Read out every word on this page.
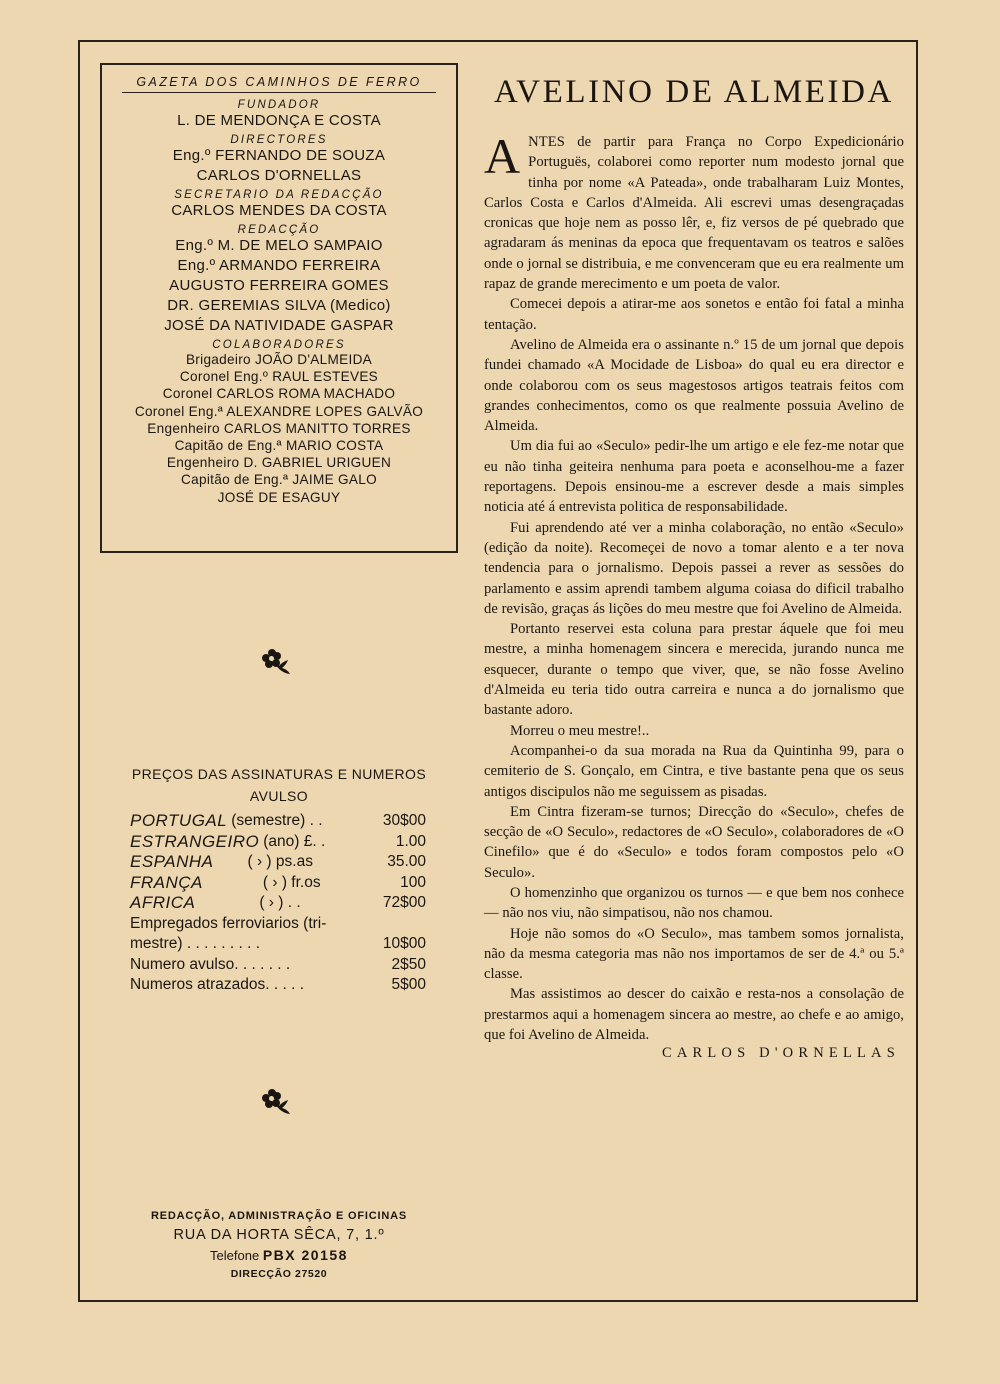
GAZETA DOS CAMINHOS DE FERRO
FUNDADOR
L. DE MENDONÇA E COSTA
DIRECTORES
Eng.º FERNANDO DE SOUZA
CARLOS D'ORNELLAS
SECRETARIO DA REDACÇÃO
CARLOS MENDES DA COSTA
REDACÇÃO
Eng.º M. DE MELO SAMPAIO
Eng.º ARMANDO FERREIRA
AUGUSTO FERREIRA GOMES
DR. GEREMIAS SILVA (Medico)
JOSÉ DA NATIVIDADE GASPAR
COLABORADORES
Brigadeiro JOÃO D'ALMEIDA
Coronel Eng.º RAUL ESTEVES
Coronel CARLOS ROMA MACHADO
Coronel Eng.ª ALEXANDRE LOPES GALVÃO
Engenheiro CARLOS MANITTO TORRES
Capitão de Eng.ª MARIO COSTA
Engenheiro D. GABRIEL URIGUEN
Capitão de Eng.ª JAIME GALO
JOSÉ DE ESAGUY
PREÇOS DAS ASSINATURAS E NUMEROS
AVULSO
PORTUGAL (semestre) . .	30$00
ESTRANGEIRO (ano) £. .	1.00
ESPANHA ( › ) ps.as	35.00
FRANÇA	( › ) fr.os	100
AFRICA	( › ) . .	72$00
Empregados ferroviarios (tri-
mestre) . . . . . . . . .	10$00
Numero avulso. . . . . . .	2$50
Numeros atrazados. . . . .	5$00
REDACÇÃO, ADMINISTRAÇÃO E OFICINAS
RUA DA HORTA SÊCA, 7, 1.º
Telefone PBX 20158
DIRECÇÃO 27520
AVELINO DE ALMEIDA

ANTES de partir para França no Corpo Expedicionário Portuguës, colaborei como reporter num modesto jornal que tinha por nome «A Pateada», onde trabalharam Luiz Montes, Carlos Costa e Carlos d'Almeida. Ali escrevi umas desengraçadas cronicas que hoje nem as posso lêr, e, fiz versos de pé quebrado que agradaram ás meninas da epoca que frequentavam os teatros e salões onde o jornal se distribuia, e me convenceram que eu era realmente um rapaz de grande merecimento e um poeta de valor.

Comecei depois a atirar-me aos sonetos e então foi fatal a minha tentação.

Avelino de Almeida era o assinante n.º 15 de um jornal que depois fundei chamado «A Mocidade de Lisboa» do qual eu era director e onde colaborou com os seus magestosos artigos teatrais feitos com grandes conhecimentos, como os que realmente possuia Avelino de Almeida.

Um dia fui ao «Seculo» pedir-lhe um artigo e ele fez-me notar que eu não tinha geiteira nenhuma para poeta e aconselhou-me a fazer reportagens. Depois ensinou-me a escrever desde a mais simples noticia até á entrevista politica de responsabilidade.

Fui aprendendo até ver a minha colaboração, no então «Seculo» (edição da noite). Recomeçei de novo a tomar alento e a ter nova tendencia para o jornalismo. Depois passei a rever as sessões do parlamento e assim aprendi tambem alguma coiasa do dificil trabalho de revisão, graças ás lições do meu mestre que foi Avelino de Almeida.

Portanto reservei esta coluna para prestar áquele que foi meu mestre, a minha homenagem sincera e merecida, jurando nunca me esquecer, durante o tempo que viver, que, se não fosse Avelino d'Almeida eu teria tido outra carreira e nunca a do jornalismo que bastante adoro.

Morreu o meu mestre!..

Acompanhei-o da sua morada na Rua da Quintinha 99, para o cemiterio de S. Gonçalo, em Cintra, e tive bastante pena que os seus antigos discipulos não me seguissem as pisadas.

Em Cintra fizeram-se turnos; Direcção do «Seculo», chefes de secção de «O Seculo», redactores de «O Seculo», colaboradores de «O Cinefilo» que é do «Seculo» e todos foram compostos pelo «O Seculo».

O homenzinho que organizou os turnos — e que bem nos conhece — não nos viu, não simpatisou, não nos chamou.

Hoje não somos do «O Seculo», mas tambem somos jornalista, não da mesma categoria mas não nos importamos de ser de 4.ª ou 5.ª classe.

Mas assistimos ao descer do caixão e resta-nos a consolação de prestarmos aqui a homenagem sincera ao mestre, ao chefe e ao amigo, que foi Avelino de Almeida.

CARLOS D'ORNELLAS
